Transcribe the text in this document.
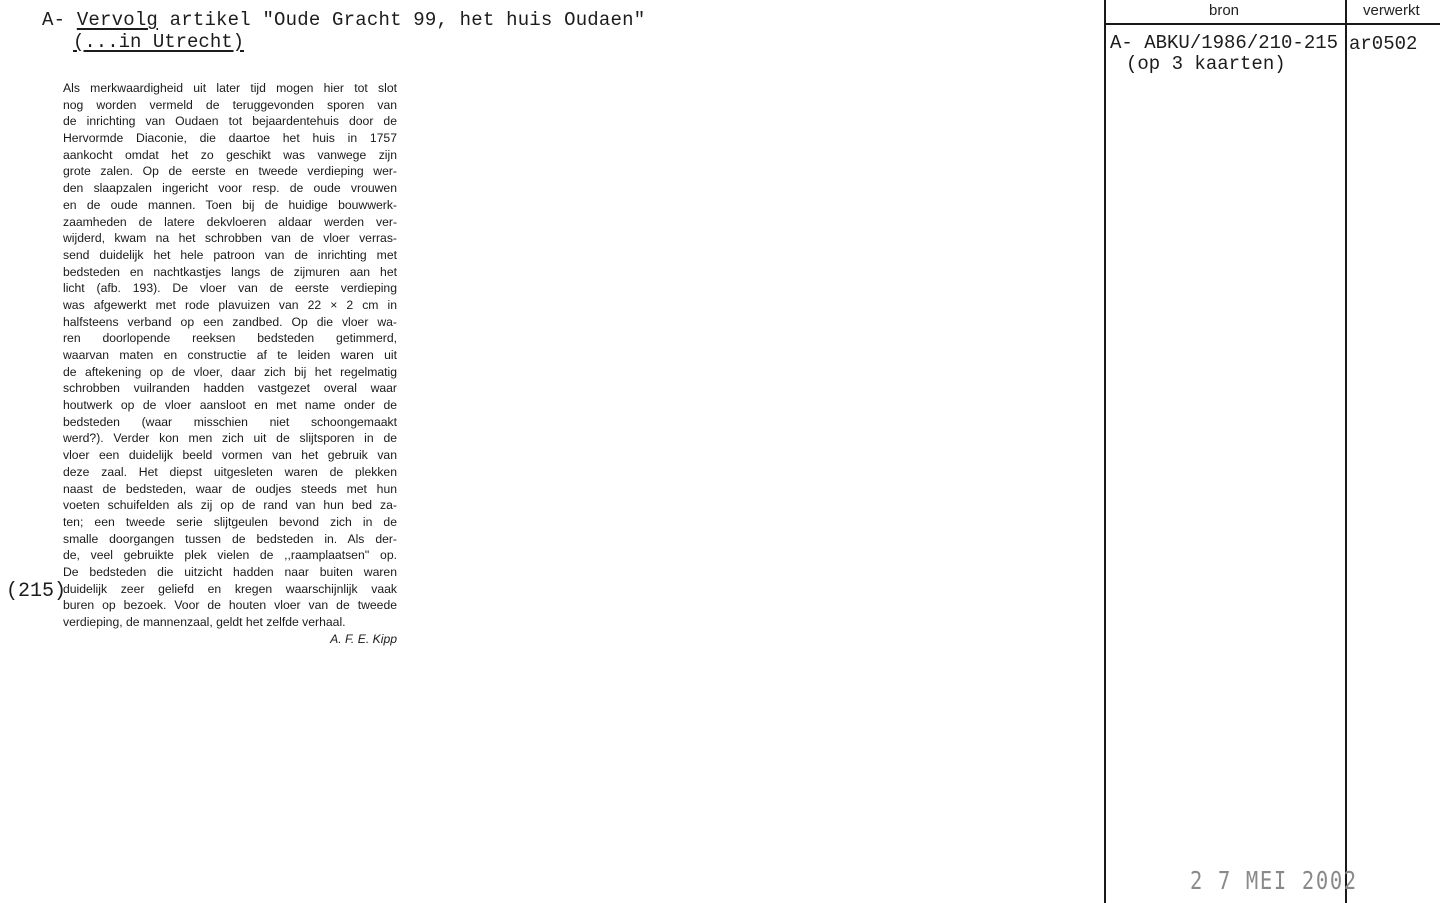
A- Vervolg artikel "Oude Gracht 99, het huis Oudaen"
(...in Utrecht)
(215)
Als merkwaardigheid uit later tijd mogen hier tot slot
nog worden vermeld de teruggevonden sporen van
de inrichting van Oudaen tot bejaardentehuis door de
Hervormde Diaconie, die daartoe het huis in 1757
aankocht omdat het zo geschikt was vanwege zijn
grote zalen. Op de eerste en tweede verdieping wer-
den slaapzalen ingericht voor resp. de oude vrouwen
en de oude mannen. Toen bij de huidige bouwwerk-
zaamheden de latere dekvloeren aldaar werden ver-
wijderd, kwam na het schrobben van de vloer verras-
send duidelijk het hele patroon van de inrichting met
bedsteden en nachtkastjes langs de zijmuren aan het
licht (afb. 193). De vloer van de eerste verdieping
was afgewerkt met rode plavuizen van 22 × 2 cm in
halfsteens verband op een zandbed. Op die vloer wa-
ren doorlopende reeksen bedsteden getimmerd,
waarvan maten en constructie af te leiden waren uit
de aftekening op de vloer, daar zich bij het regelmatig
schrobben vuilranden hadden vastgezet overal waar
houtwerk op de vloer aansloot en met name onder de
bedsteden (waar misschien niet schoongemaakt
werd?). Verder kon men zich uit de slijtsporen in de
vloer een duidelijk beeld vormen van het gebruik van
deze zaal. Het diepst uitgesleten waren de plekken
naast de bedsteden, waar de oudjes steeds met hun
voeten schuifelden als zij op de rand van hun bed za-
ten; een tweede serie slijtgeulen bevond zich in de
smalle doorgangen tussen de bedsteden in. Als der-
de, veel gebruikte plek vielen de ,,raamplaatsen'' op.
De bedsteden die uitzicht hadden naar buiten waren
duidelijk zeer geliefd en kregen waarschijnlijk vaak
buren op bezoek. Voor de houten vloer van de tweede
verdieping, de mannenzaal, geldt het zelfde verhaal.
A. F. E. Kipp
bron	verwerkt
A- ABKU/1986/210-215
(op 3 kaarten)
ar0502
2 7 MEI 2002
